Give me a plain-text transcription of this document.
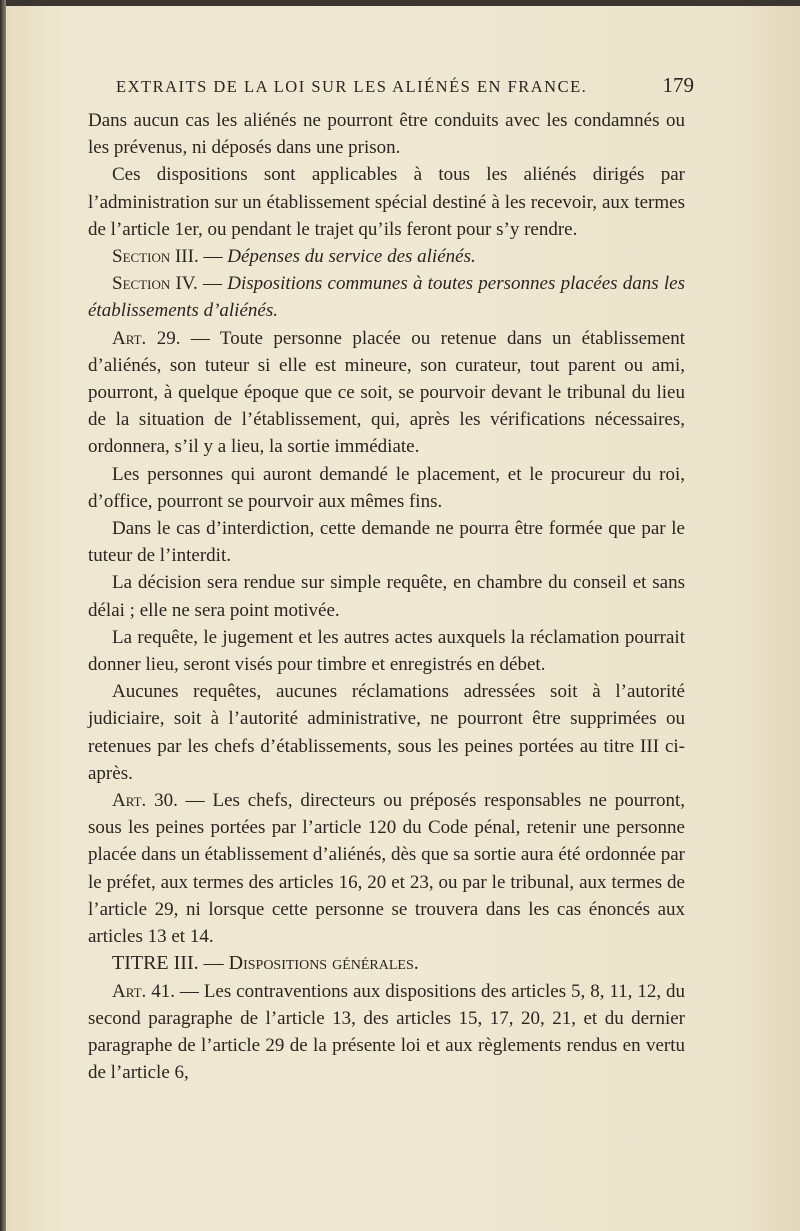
EXTRAITS DE LA LOI SUR LES ALIÉNÉS EN FRANCE.	179

Dans aucun cas les aliénés ne pourront être conduits avec les condamnés ou les prévenus, ni déposés dans une prison.

Ces dispositions sont applicables à tous les aliénés dirigés par l’administration sur un établissement spécial destiné à les recevoir, aux termes de l’article 1er, ou pendant le trajet qu’ils feront pour s’y rendre.

Section III. — Dépenses du service des aliénés.

Section IV. — Dispositions communes à toutes personnes placées dans les établissements d’aliénés.

Art. 29. — Toute personne placée ou retenue dans un établissement d’aliénés, son tuteur si elle est mineure, son curateur, tout parent ou ami, pourront, à quelque époque que ce soit, se pourvoir devant le tribunal du lieu de la situation de l’établissement, qui, après les vérifications nécessaires, ordonnera, s’il y a lieu, la sortie immédiate.

Les personnes qui auront demandé le placement, et le procureur du roi, d’office, pourront se pourvoir aux mêmes fins.

Dans le cas d’interdiction, cette demande ne pourra être formée que par le tuteur de l’interdit.

La décision sera rendue sur simple requête, en chambre du conseil et sans délai ; elle ne sera point motivée.

La requête, le jugement et les autres actes auxquels la réclamation pourrait donner lieu, seront visés pour timbre et enregistrés en débet.

Aucunes requêtes, aucunes réclamations adressées soit à l’autorité judiciaire, soit à l’autorité administrative, ne pourront être supprimées ou retenues par les chefs d’établissements, sous les peines portées au titre III ci-après.

Art. 30. — Les chefs, directeurs ou préposés responsables ne pourront, sous les peines portées par l’article 120 du Code pénal, retenir une personne placée dans un établissement d’aliénés, dès que sa sortie aura été ordonnée par le préfet, aux termes des articles 16, 20 et 23, ou par le tribunal, aux termes de l’article 29, ni lorsque cette personne se trouvera dans les cas énoncés aux articles 13 et 14.

TITRE III. — Dispositions générales.

Art. 41. — Les contraventions aux dispositions des articles 5, 8, 11, 12, du second paragraphe de l’article 13, des articles 15, 17, 20, 21, et du dernier paragraphe de l’article 29 de la présente loi et aux règlements rendus en vertu de l’article 6,
